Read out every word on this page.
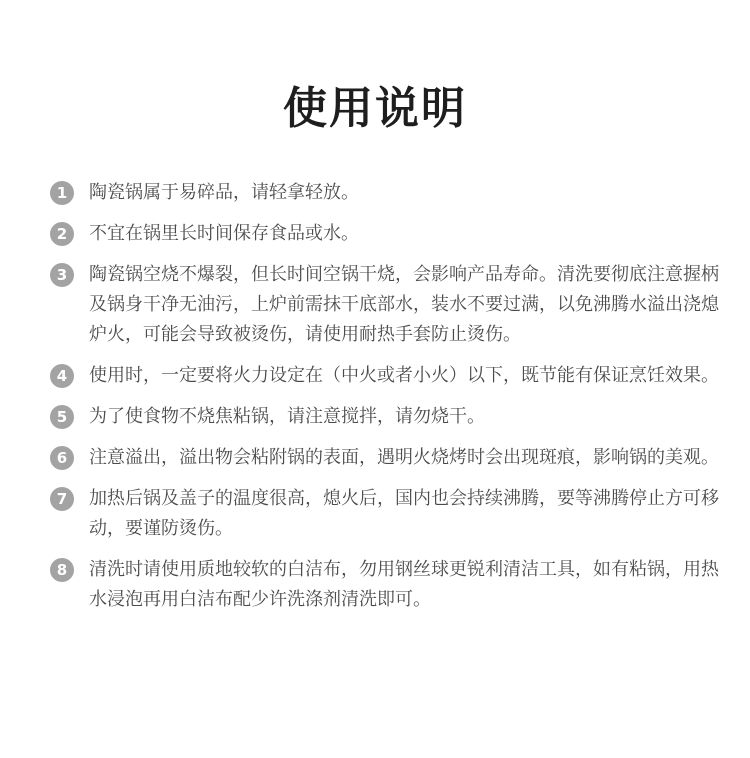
使用说明
1	陶瓷锅属于易碎品，请轻拿轻放。
2	不宜在锅里长时间保存食品或水。
3	陶瓷锅空烧不爆裂，但长时间空锅干烧，会影响产品寿命。清洗要彻底注意握柄及锅身干净无油污，上炉前需抹干底部水，装水不要过满，以免沸腾水溢出浇熄炉火，可能会导致被烫伤，请使用耐热手套防止烫伤。
4	使用时，一定要将火力设定在（中火或者小火）以下，既节能有保证烹饪效果。
5	为了使食物不烧焦粘锅，请注意搅拌，请勿烧干。
6	注意溢出，溢出物会粘附锅的表面，遇明火烧烤时会出现斑痕，影响锅的美观。
7	加热后锅及盖子的温度很高，熄火后，国内也会持续沸腾，要等沸腾停止方可移动，要谨防烫伤。
8	清洗时请使用质地较软的白洁布，勿用钢丝球更锐利清洁工具，如有粘锅，用热水浸泡再用白洁布配少许洗涤剂清洗即可。
